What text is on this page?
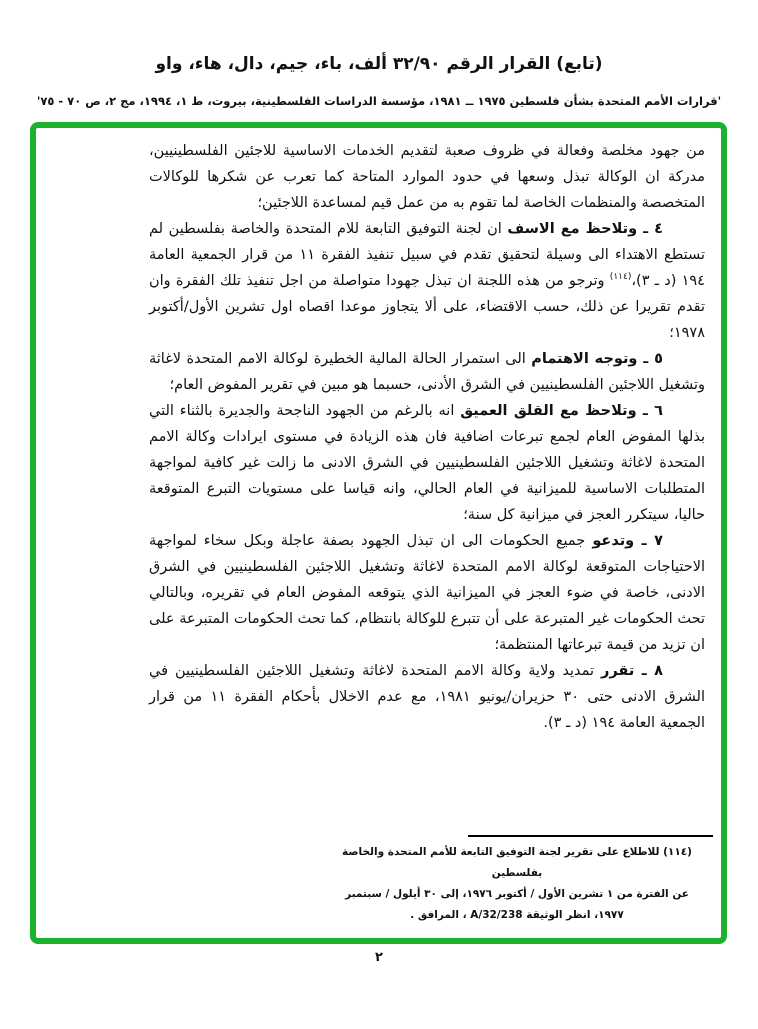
(تابع) القرار الرقم ٣٢/٩٠ ألف، باء، جيم، دال، هاء، واو
'قرارات الأمم المتحدة بشأن فلسطين ١٩٧٥ ــ ١٩٨١، مؤسسة الدراسات الفلسطينية، بيروت، ط ١، ١٩٩٤، مج ٢، ص ٧٠ - ٧٥'

من جهود مخلصة وفعالة في ظروف صعبة لتقديم الخدمات الاساسية للاجئين الفلسطينيين، مدركة ان الوكالة تبذل وسعها في حدود الموارد المتاحة كما تعرب عن شكرها للوكالات المتخصصة والمنظمات الخاصة لما تقوم به من عمل قيم لمساعدة اللاجئين؛

٤ ـ وتلاحظ مع الاسف ان لجنة التوفيق التابعة للام المتحدة والخاصة بفلسطين لم تستطع الاهتداء الى وسيلة لتحقيق تقدم في سبيل تنفيذ الفقرة ١١ من قرار الجمعية العامة ١٩٤ (د ـ ٣)،$^{(١١٤)}$ وترجو من هذه اللجنة ان تبذل جهودا متواصلة من اجل تنفيذ تلك الفقرة وان تقدم تقريرا عن ذلك، حسب الاقتضاء، على ألا يتجاوز موعدا اقصاه اول تشرين الأول/أكتوبر ١٩٧٨؛

٥ ـ وتوجه الاهتمام الى استمرار الحالة المالية الخطيرة لوكالة الامم المتحدة لاغاثة وتشغيل اللاجئين الفلسطينيين في الشرق الأدنى، حسبما هو مبين في تقرير المفوض العام؛

٦ ـ وتلاحظ مع القلق العميق انه بالرغم من الجهود الناجحة والجديرة بالثناء التي بذلها المفوض العام لجمع تبرعات اضافية فان هذه الزيادة في مستوى ايرادات وكالة الامم المتحدة لاغاثة وتشغيل اللاجئين الفلسطينيين في الشرق الادنى ما زالت غير كافية لمواجهة المتطلبات الاساسية للميزانية في العام الحالي، وانه قياسا على مستويات التبرع المتوقعة حاليا، سيتكرر العجز في ميزانية كل سنة؛

٧ ـ وتدعو جميع الحكومات الى ان تبذل الجهود بصفة عاجلة وبكل سخاء لمواجهة الاحتياجات المتوقعة لوكالة الامم المتحدة لاغاثة وتشغيل اللاجئين الفلسطينيين في الشرق الادنى، خاصة في ضوء العجز في الميزانية الذي يتوقعه المفوض العام في تقريره، وبالتالي تحث الحكومات غير المتبرعة على أن تتبرع للوكالة بانتظام، كما تحث الحكومات المتبرعة على ان تزيد من قيمة تبرعاتها المنتظمة؛

٨ ـ تقرر تمديد ولاية وكالة الامم المتحدة لاغاثة وتشغيل اللاجئين الفلسطينيين في الشرق الادنى حتى ٣٠ حزيران/يونيو ١٩٨١، مع عدم الاخلال بأحكام الفقرة ١١ من قرار الجمعية العامة ١٩٤ (د ـ ٣).

(١١٤) للاطلاع على تقرير لجنة التوفيق التابعة للأمم المتحدة والخاصة بفلسطين
عن الفترة من ١ تشرين الأول / أكتوبر ١٩٧٦، إلى ٣٠ أيلول / سبتمبر
١٩٧٧، انظر الوثيقة A/32/238 ، المرافق .
٢
